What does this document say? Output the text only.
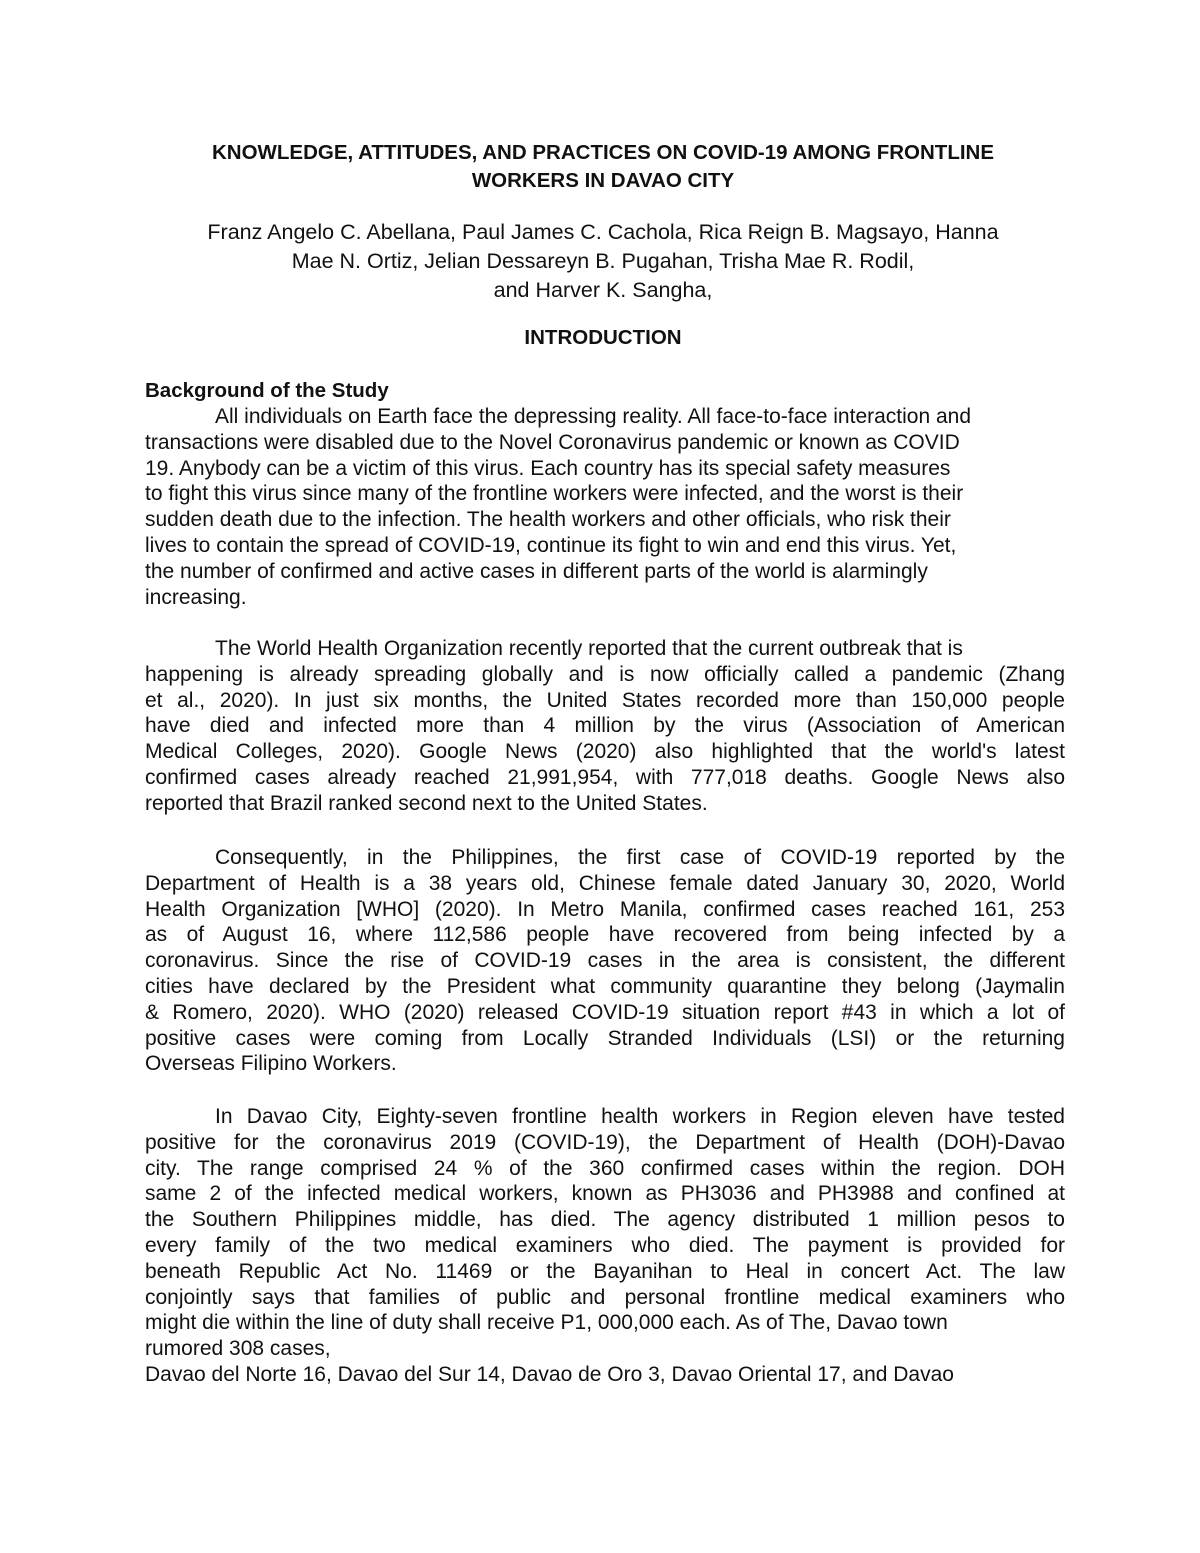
KNOWLEDGE, ATTITUDES, AND PRACTICES ON COVID-19 AMONG FRONTLINE
WORKERS IN DAVAO CITY
Franz Angelo C. Abellana, Paul James C. Cachola, Rica Reign B. Magsayo, Hanna
Mae N. Ortiz, Jelian Dessareyn B. Pugahan, Trisha Mae R. Rodil,
and Harver K. Sangha,
INTRODUCTION
Background of the Study
All individuals on Earth face the depressing reality. All face-to-face interaction and
transactions were disabled due to the Novel Coronavirus pandemic or known as COVID
19. Anybody can be a victim of this virus. Each country has its special safety measures
to fight this virus since many of the frontline workers were infected, and the worst is their
sudden death due to the infection. The health workers and other officials, who risk their
lives to contain the spread of COVID-19, continue its fight to win and end this virus. Yet,
the number of confirmed and active cases in different parts of the world is alarmingly
increasing.
The World Health Organization recently reported that the current outbreak that is
happening is already spreading globally and is now officially called a pandemic (Zhang
et al., 2020). In just six months, the United States recorded more than 150,000 people
have died and infected more than 4 million by the virus (Association of American
Medical Colleges, 2020). Google News (2020) also highlighted that the world's latest
confirmed cases already reached 21,991,954, with 777,018 deaths. Google News also
reported that Brazil ranked second next to the United States.
Consequently, in the Philippines, the first case of COVID-19 reported by the
Department of Health is a 38 years old, Chinese female dated January 30, 2020, World
Health Organization [WHO] (2020). In Metro Manila, confirmed cases reached 161, 253
as of August 16, where 112,586 people have recovered from being infected by a
coronavirus. Since the rise of COVID-19 cases in the area is consistent, the different
cities have declared by the President what community quarantine they belong (Jaymalin
& Romero, 2020). WHO (2020) released COVID-19 situation report #43 in which a lot of
positive cases were coming from Locally Stranded Individuals (LSI) or the returning
Overseas Filipino Workers.
In Davao City, Eighty-seven frontline health workers in Region eleven have tested
positive for the coronavirus 2019 (COVID-19), the Department of Health (DOH)-Davao
city. The range comprised 24 % of the 360 confirmed cases within the region. DOH
same 2 of the infected medical workers, known as PH3036 and PH3988 and confined at
the Southern Philippines middle, has died. The agency distributed 1 million pesos to
every family of the two medical examiners who died. The payment is provided for
beneath Republic Act No. 11469 or the Bayanihan to Heal in concert Act. The law
conjointly says that families of public and personal frontline medical examiners who
might die within the line of duty shall receive P1, 000,000 each. As of The, Davao town
rumored 308 cases,
Davao del Norte 16, Davao del Sur 14, Davao de Oro 3, Davao Oriental 17, and Davao
